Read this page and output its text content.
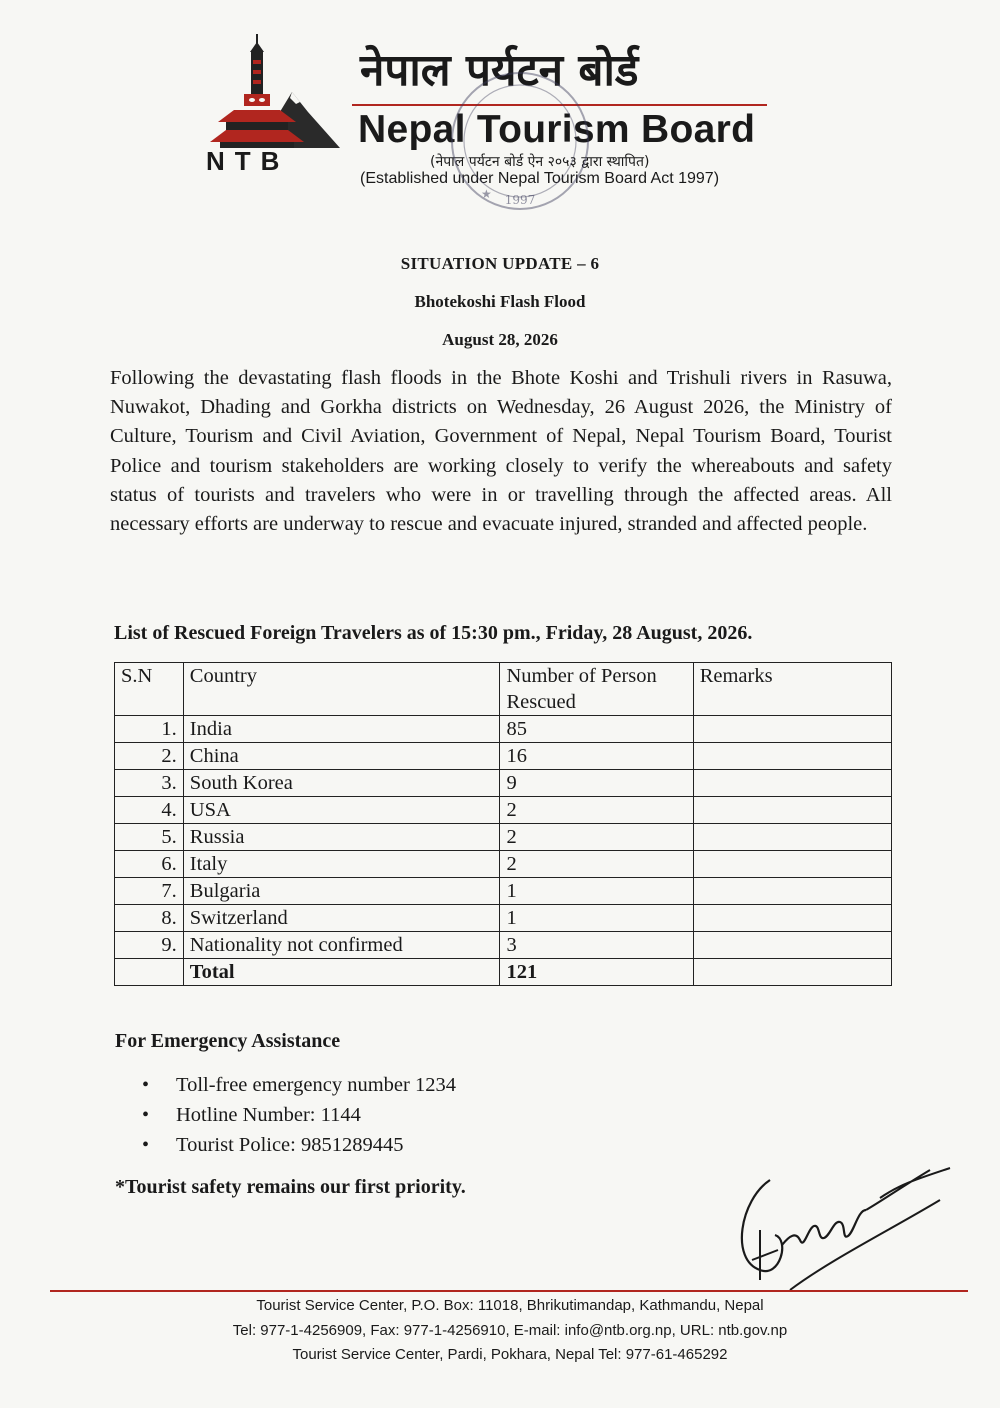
NTB
नेपाल पर्यटन बोर्ड
Nepal Tourism Board
(नेपाल पर्यटन बोर्ड ऐन २०५३ द्वारा स्थापित)
(Established under Nepal Tourism Board Act 1997)
1997
★
SITUATION UPDATE – 6
Bhotekoshi Flash Flood
August 28, 2026

Following the devastating flash floods in the Bhote Koshi and Trishuli rivers in Rasuwa, Nuwakot, Dhading and Gorkha districts on Wednesday, 26 August 2026, the Ministry of Culture, Tourism and Civil Aviation, Government of Nepal, Nepal Tourism Board, Tourist Police and tourism stakeholders are working closely to verify the whereabouts and safety status of tourists and travelers who were in or travelling through the affected areas. All necessary efforts are underway to rescue and evacuate injured, stranded and affected people.

List of Rescued Foreign Travelers as of 15:30 pm., Friday, 28 August, 2026.
S.N	Country	Number of Person Rescued	Remarks
1.	India	85	
2.	China	16	
3.	South Korea	9	
4.	USA	2	
5.	Russia	2	
6.	Italy	2	
7.	Bulgaria	1	
8.	Switzerland	1	
9.	Nationality not confirmed	3	
	Total	121	
For Emergency Assistance
• Toll-free emergency number 1234
• Hotline Number: 1144
• Tourist Police: 9851289445
*Tourist safety remains our first priority.
Tourist Service Center, P.O. Box: 11018, Bhrikutimandap, Kathmandu, Nepal
Tel: 977-1-4256909, Fax: 977-1-4256910, E-mail: info@ntb.org.np, URL: ntb.gov.np
Tourist Service Center, Pardi, Pokhara, Nepal Tel: 977-61-465292
